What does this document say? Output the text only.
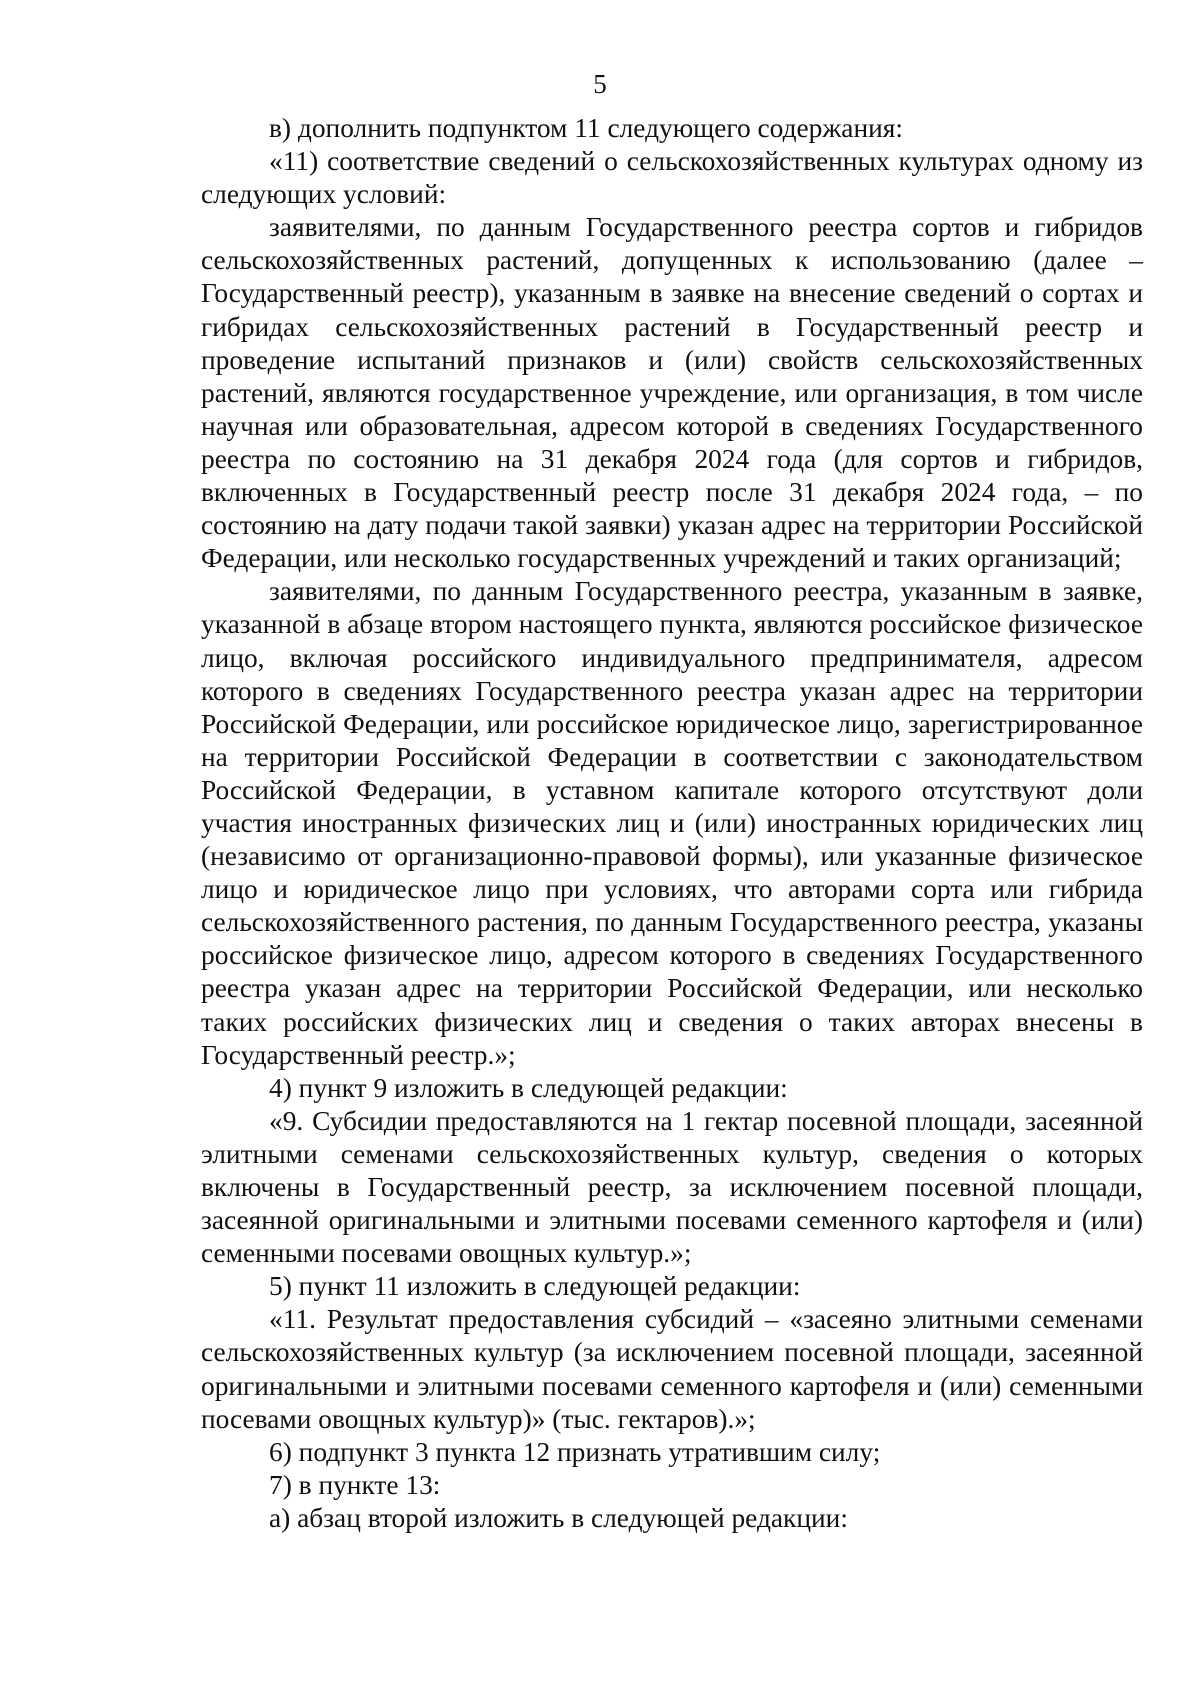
5

в) дополнить подпунктом 11 следующего содержания:

«11) соответствие сведений о сельскохозяйственных культурах одному из следующих условий:

заявителями, по данным Государственного реестра сортов и гибридов сельскохозяйственных растений, допущенных к использованию (далее – Государственный реестр), указанным в заявке на внесение сведений о сортах и гибридах сельскохозяйственных растений в Государственный реестр и проведение испытаний признаков и (или) свойств сельскохозяйственных растений, являются государственное учреждение, или организация, в том числе научная или образовательная, адресом которой в сведениях Государственного реестра по состоянию на 31 декабря 2024 года (для сортов и гибридов, включенных в Государственный реестр после 31 декабря 2024 года, – по состоянию на дату подачи такой заявки) указан адрес на территории Российской Федерации, или несколько государственных учреждений и таких организаций;

заявителями, по данным Государственного реестра, указанным в заявке, указанной в абзаце втором настоящего пункта, являются российское физическое лицо, включая российского индивидуального предпринимателя, адресом которого в сведениях Государственного реестра указан адрес на территории Российской Федерации, или российское юридическое лицо, зарегистрированное на территории Российской Федерации в соответствии с законодательством Российской Федерации, в уставном капитале которого отсутствуют доли участия иностранных физических лиц и (или) иностранных юридических лиц (независимо от организационно-правовой формы), или указанные физическое лицо и юридическое лицо при условиях, что авторами сорта или гибрида сельскохозяйственного растения, по данным Государственного реестра, указаны российское физическое лицо, адресом которого в сведениях Государственного реестра указан адрес на территории Российской Федерации, или несколько таких российских физических лиц и сведения о таких авторах внесены в Государственный реестр.»;

4) пункт 9 изложить в следующей редакции:

«9. Субсидии предоставляются на 1 гектар посевной площади, засеянной элитными семенами сельскохозяйственных культур, сведения о которых включены в Государственный реестр, за исключением посевной площади, засеянной оригинальными и элитными посевами семенного картофеля и (или) семенными посевами овощных культур.»;

5) пункт 11 изложить в следующей редакции:

«11. Результат предоставления субсидий – «засеяно элитными семенами сельскохозяйственных культур (за исключением посевной площади, засеянной оригинальными и элитными посевами семенного картофеля и (или) семенными посевами овощных культур)» (тыс. гектаров).»;

6) подпункт 3 пункта 12 признать утратившим силу;

7) в пункте 13:

а) абзац второй изложить в следующей редакции:
